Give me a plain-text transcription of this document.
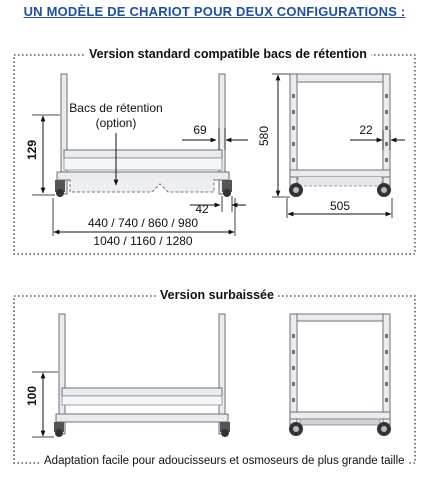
UN MODÈLE DE CHARIOT POUR DEUX CONFIGURATIONS :
Bacs de rétention
(option)
129
69
42
440 / 740 / 860 / 980
1040 / 1160 / 1280
580	22
505
100
Version standard compatible bacs de rétention
Version surbaissée
Adaptation facile pour adoucisseurs et osmoseurs de plus grande taille
